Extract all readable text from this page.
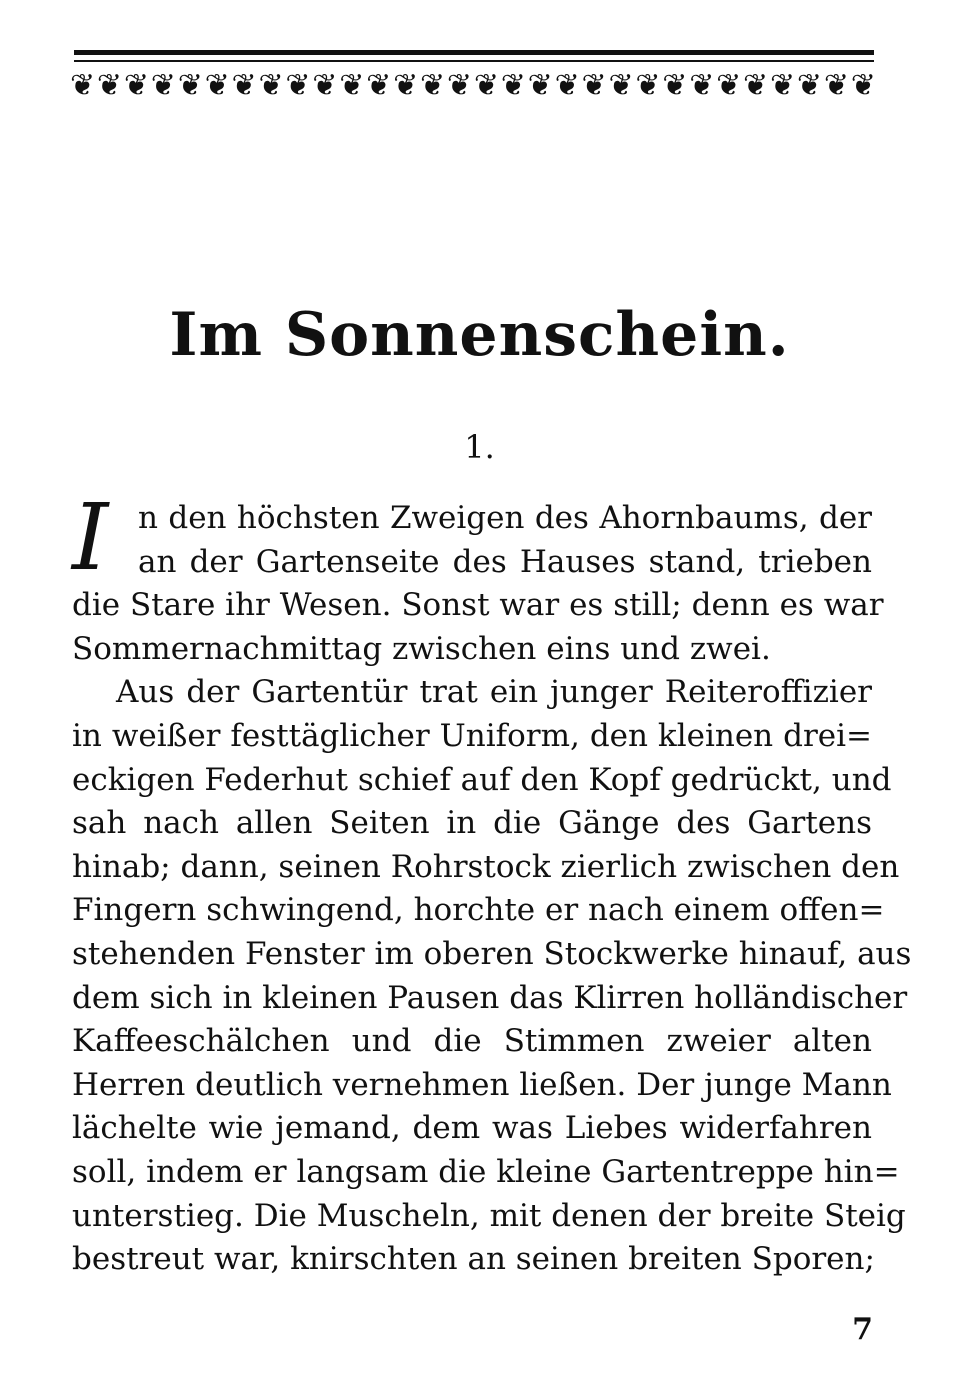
❦ ❦ ❦ ❦ ❦ ❦ ❦ ❦ ❦ ❦ ❦ ❦ ❦ ❦ ❦ ❦ ❦ ❦ ❦ ❦ ❦ ❦ ❦ ❦ ❦ ❦ ❦ ❦ ❦ ❦
Im Sonnenschein.
1.
I n den höchsten Zweigen des Ahornbaums, der
an der Gartenseite des Hauses stand, trieben
die Stare ihr Wesen. Sonst war es still; denn es war
Sommernachmittag zwischen eins und zwei.
Aus der Gartentür trat ein junger Reiteroffizier
in weißer festtäglicher Uniform, den kleinen drei=
eckigen Federhut schief auf den Kopf gedrückt, und
sah nach allen Seiten in die Gänge des Gartens
hinab; dann, seinen Rohrstock zierlich zwischen den
Fingern schwingend, horchte er nach einem offen=
stehenden Fenster im oberen Stockwerke hinauf, aus
dem sich in kleinen Pausen das Klirren holländischer
Kaffeeschälchen und die Stimmen zweier alten
Herren deutlich vernehmen ließen. Der junge Mann
lächelte wie jemand, dem was Liebes widerfahren
soll, indem er langsam die kleine Gartentreppe hin=
unterstieg. Die Muscheln, mit denen der breite Steig
bestreut war, knirschten an seinen breiten Sporen;
7
